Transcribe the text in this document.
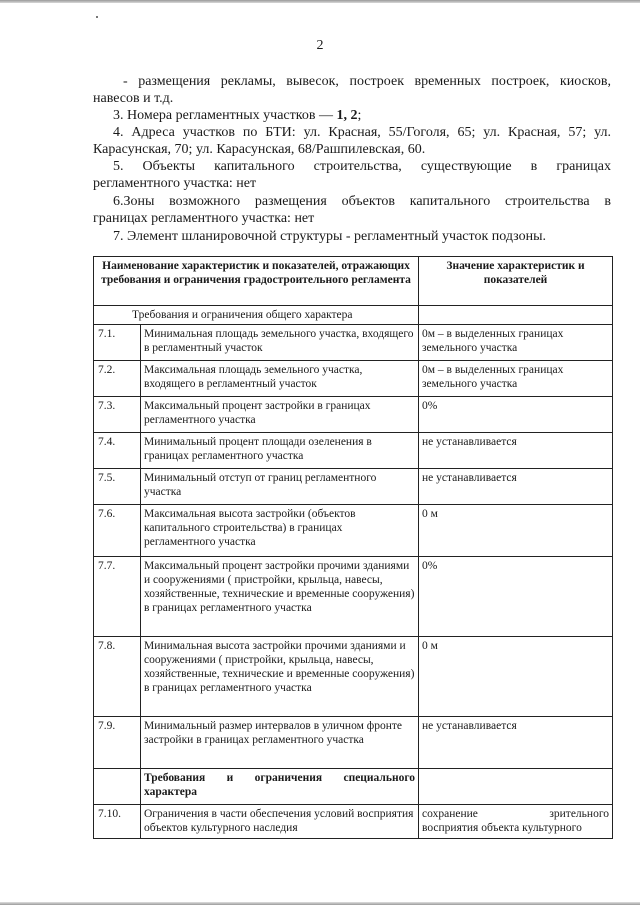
2

- размещения рекламы, вывесок, построек временных построек, киосков,

навесов и т.д.

3. Номера регламентных участков — 1, 2;

4. Адреса участков по БТИ: ул. Красная, 55/Гоголя, 65; ул. Красная, 57; ул.

Карасунская, 70; ул. Карасунская, 68/Рашпилевская, 60.

5. Объекты капитального строительства, существующие в границах

регламентного участка: нет

6.Зоны возможного размещения объектов капитального строительства в

границах регламентного участка: нет

7. Элемент шланировочной структуры - регламентный участок подзоны.

Наименование характеристик и показателей, отражающих требования и ограничения градостроительного регламента		Значение характеристик и показателей
Требования и ограничения общего характера		
7.1.	Минимальная площадь земельного участка, входящего в регламентный участок	0м – в выделенных границах земельного участка
7.2.	Максимальная площадь земельного участка, входящего в регламентный участок	0м – в выделенных границах земельного участка
7.3.	Максимальный процент застройки в границах регламентного участка	0%
7.4.	Минимальный процент площади озеленения в границах регламентного участка	не устанавливается
7.5.	Минимальный отступ от границ регламентного участка	не устанавливается
7.6.	Максимальная высота застройки (объектов капитального строительства) в границах регламентного участка	0 м
7.7.	Максимальный процент застройки прочими зданиями и сооружениями ( пристройки, крыльца, навесы, хозяйственные, технические и временные сооружения) в границах регламентного участка	0%
7.8.	Минимальная высота застройки прочими зданиями и сооружениями ( пристройки, крыльца, навесы, хозяйственные, технические и временные сооружения) в границах регламентного участка	0 м
7.9.	Минимальный размер интервалов в уличном фронте застройки в границах регламентного участка	не устанавливается

	Требования и ограничения специального
характера	

7.10.	Ограничения в части обеспечения условий восприятия объектов культурного наследия	сохранение зрительного
восприятия объекта культурного
